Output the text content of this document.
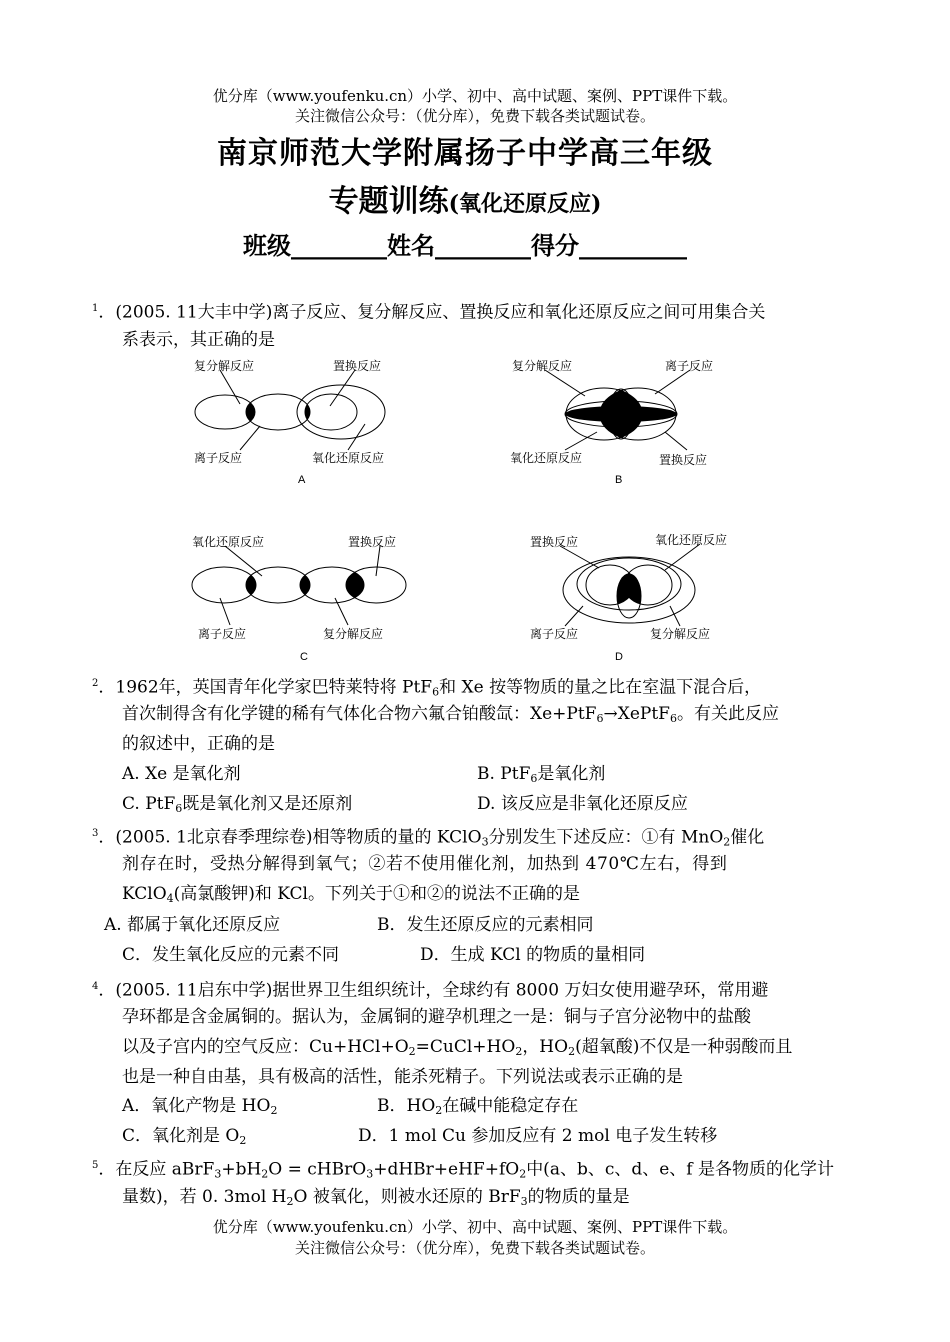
优分库（www.youfenku.cn）小学、初中、高中试题、案例、PPT课件下载。
关注微信公众号：（优分库），免费下载各类试题试卷。
南京师范大学附属扬子中学高三年级
专题训练(氧化还原反应)
班级________姓名________得分_________
$^1$．(2005. 11大丰中学)离子反应、复分解反应、置换反应和氧化还原反应之间可用集合关
系表示，其正确的是
复分解反应	置换反应
离子反应	氧化还原反应
A
复分解反应	离子反应
氧化还原反应	置换反应
B
氧化还原反应	置换反应
离子反应	复分解反应
C
置换反应	氧化还原反应
离子反应	复分解反应
D
$^2$．1962年，英国青年化学家巴特莱特将 PtF$_6$和 Xe 按等物质的量之比在室温下混合后，
首次制得含有化学键的稀有气体化合物六氟合铂酸氙：Xe+PtF$_6$→XePtF$_6$。有关此反应
的叙述中，正确的是
A. Xe 是氧化剂	B. PtF$_6$是氧化剂
C. PtF$_6$既是氧化剂又是还原剂	D. 该反应是非氧化还原反应
$^3$．(2005. 1北京春季理综卷)相等物质的量的 KClO$_3$分别发生下述反应：①有 MnO$_2$催化
剂存在时，受热分解得到氧气；②若不使用催化剂，加热到 470℃左右，得到
KClO$_4$(高氯酸钾)和 KCl。下列关于①和②的说法不正确的是
A. 都属于氧化还原反应	B．发生还原反应的元素相同
C．发生氧化反应的元素不同	D．生成 KCl 的物质的量相同
$^4$．(2005. 11启东中学)据世界卫生组织统计，全球约有 8000 万妇女使用避孕环，常用避
孕环都是含金属铜的。据认为，金属铜的避孕机理之一是：铜与子宫分泌物中的盐酸
以及子宫内的空气反应：$Cu+HCl+O_2=CuCl+HO_2$，$HO_2$(超氧酸)不仅是一种弱酸而且
也是一种自由基，具有极高的活性，能杀死精子。下列说法或表示正确的是
A．氧化产物是 $HO_2$	B．$HO_2$在碱中能稳定存在
C．氧化剂是 $O_2$	D．1 mol Cu 参加反应有 2 mol 电子发生转移
$^5$．在反应 $aBrF_3+bH_2O$ = $cHBrO_3+dHBr+eHF+fO_2$中(a、b、c、d、e、f 是各物质的化学计
量数)，若 0. 3mol $H_2O$ 被氧化，则被水还原的 BrF$_3$的物质的量是
优分库（www.youfenku.cn）小学、初中、高中试题、案例、PPT课件下载。
关注微信公众号：（优分库），免费下载各类试题试卷。
